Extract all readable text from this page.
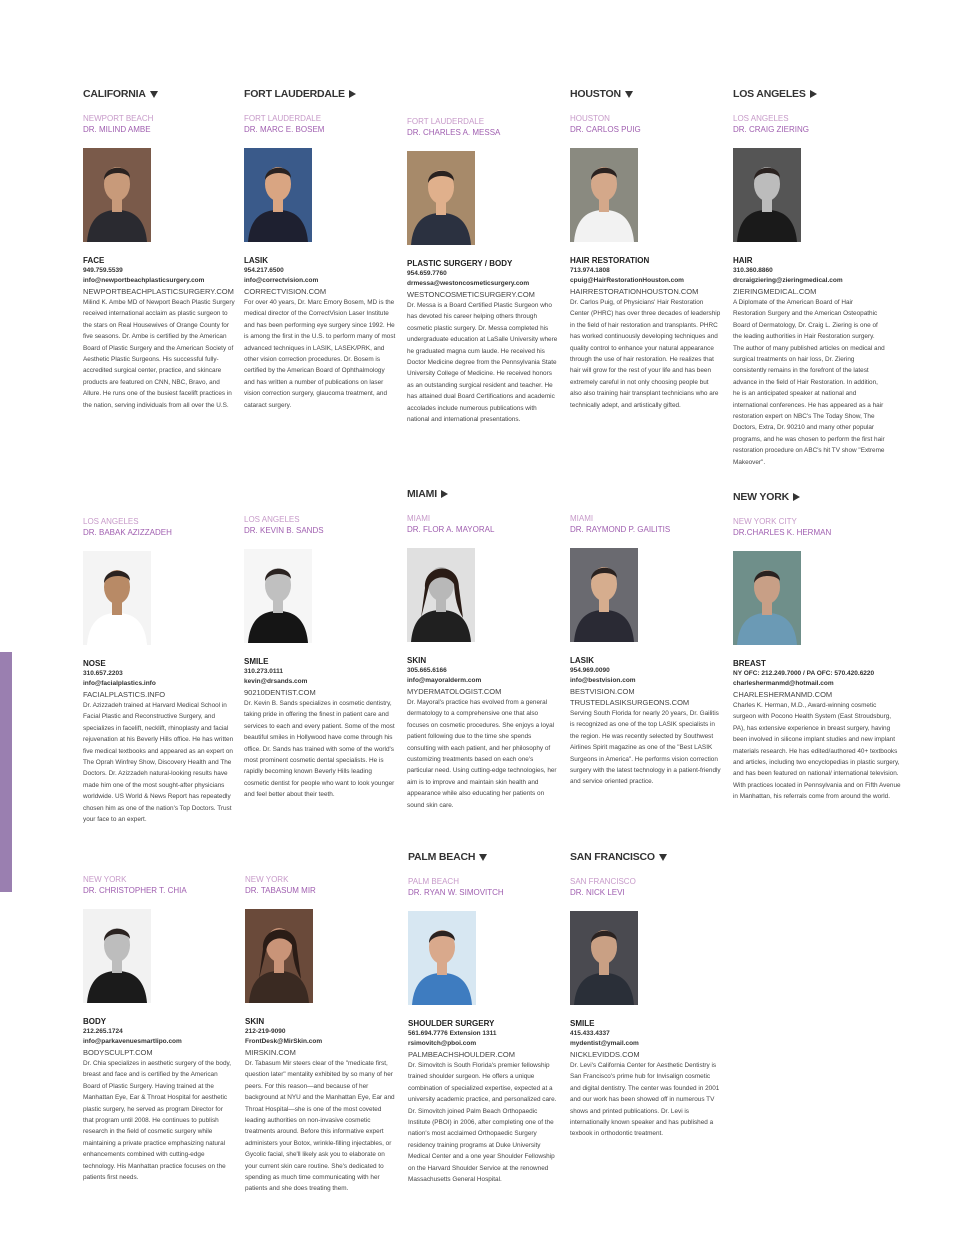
CALIFORNIA
NEWPORT BEACH
DR. MILIND AMBE
FACE
949.759.5539
info@newportbeachplasticsurgery.com
NEWPORTBEACHPLASTICSURGERY.COM
Milind K. Ambe MD of Newport Beach Plastic Surgery received international acclaim as plastic surgeon to the stars on Real Housewives of Orange County for five seasons. Dr. Ambe is certified by the American Board of Plastic Surgery and the American Society of Aesthetic Plastic Surgeons. His successful fully-accredited surgical center, practice, and skincare products are featured on CNN, NBC, Bravo, and Allure. He runs one of the busiest facelift practices in the nation, serving individuals from all over the U.S.
FORT LAUDERDALE
FORT LAUDERDALE
DR. MARC E. BOSEM
LASIK
954.217.6500
info@correctvision.com
CORRECTVISION.COM
For over 40 years, Dr. Marc Emory Bosem, MD is the medical director of the CorrectVision Laser Institute and has been performing eye surgery since 1992. He is among the first in the U.S. to perform many of most advanced techniques in LASIK, LASEK/PRK, and other vision correction procedures. Dr. Bosem is certified by the American Board of Ophthalmology and has written a number of publications on laser vision correction surgery, glaucoma treatment, and cataract surgery.
FORT LAUDERDALE
DR. CHARLES A. MESSA
PLASTIC SURGERY / BODY
954.659.7760
drmessa@westoncosmeticsurgery.com
WESTONCOSMETICSURGERY.COM
Dr. Messa is a Board Certified Plastic Surgeon who has devoted his career helping others through cosmetic plastic surgery. Dr. Messa completed his undergraduate education at LaSalle University where he graduated magna cum laude. He received his Doctor Medicine degree from the Pennsylvania State University College of Medicine. He received honors as an outstanding surgical resident and teacher. He has attained dual Board Certifications and academic accolades include numerous publications with national and international presentations.
HOUSTON
HOUSTON
DR. CARLOS PUIG
HAIR RESTORATION
713.974.1808
cpuig@HairRestorationHouston.com
HAIRRESTORATIONHOUSTON.COM
Dr. Carlos Puig, of Physicians' Hair Restoration Center (PHRC) has over three decades of leadership in the field of hair restoration and transplants. PHRC has worked continuously developing techniques and quality control to enhance your natural appearance through the use of hair restoration. He realizes that hair will grow for the rest of your life and has been extremely careful in not only choosing people but also also training hair transplant technicians who are technically adept, and artistically gifted.
LOS ANGELES
LOS ANGELES
DR. CRAIG ZIERING
HAIR
310.360.8860
drcraigziering@zieringmedical.com
ZIERINGMEDICAL.COM
A Diplomate of the American Board of Hair Restoration Surgery and the American Osteopathic Board of Dermatology, Dr. Craig L. Ziering is one of the leading authorities in Hair Restoration surgery. The author of many published articles on medical and surgical treatments on hair loss, Dr. Ziering consistently remains in the forefront of the latest advance in the field of Hair Restoration. In addition, he is an anticipated speaker at national and international conferences. He has appeared as a hair restoration expert on NBC's The Today Show, The Doctors, Extra, Dr. 90210 and many other popular programs, and he was chosen to perform the first hair restoration procedure on ABC's hit TV show "Extreme Makeover".
LOS ANGELES
DR. BABAK AZIZZADEH
NOSE
310.657.2203
info@facialplastics.info
FACIALPLASTICS.INFO
Dr. Azizzadeh trained at Harvard Medical School in Facial Plastic and Reconstructive Surgery, and specializes in facelift, necklift, rhinoplasty and facial rejuvenation at his Beverly Hills office. He has written five medical textbooks and appeared as an expert on The Oprah Winfrey Show, Discovery Health and The Doctors. Dr. Azizzadeh natural-looking results have made him one of the most sought-after physicians worldwide. US World & News Report has repeatedly chosen him as one of the nation's Top Doctors. Trust your face to an expert.
LOS ANGELES
DR. KEVIN B. SANDS
SMILE
310.273.0111
kevin@drsands.com
90210DENTIST.COM
Dr. Kevin B. Sands specializes in cosmetic dentistry, taking pride in offering the finest in patient care and services to each and every patient. Some of the most beautiful smiles in Hollywood have come through his office. Dr. Sands has trained with some of the world's most prominent cosmetic dental specialists. He is rapidly becoming known Beverly Hills leading cosmetic dentist for people who want to look younger and feel better about their teeth.
MIAMI
MIAMI
DR. FLOR A. MAYORAL
SKIN
305.665.6166
info@mayoralderm.com
MYDERMATOLOGIST.COM
Dr. Mayoral's practice has evolved from a general dermatology to a comprehensive one that also focuses on cosmetic procedures. She enjoys a loyal patient following due to the time she spends consulting with each patient, and her philosophy of customizing treatments based on each one's particular need. Using cutting-edge technologies, her aim is to improve and maintain skin health and appearance while also educating her patients on sound skin care.
MIAMI
DR. RAYMOND P. GAILITIS
LASIK
954.969.0090
info@bestvision.com
BESTVISION.COM
TRUSTEDLASIKSURGEONS.COM
Serving South Florida for nearly 20 years, Dr. Gailitis is recognized as one of the top LASIK specialists in the region. He was recently selected by Southwest Airlines Spirit magazine as one of the "Best LASIK Surgeons in America". He performs vision correction surgery with the latest technology in a patient-friendly and service oriented practice.
NEW YORK
NEW YORK CITY
DR.CHARLES K. HERMAN
BREAST
NY OFC: 212.249.7000 / PA OFC: 570.420.6220
charleshermanmd@hotmail.com
CHARLESHERMANMD.COM
Charles K. Herman, M.D., Award-winning cosmetic surgeon with Pocono Health System (East Stroudsburg, PA), has extensive experience in breast surgery, having been involved in silicone implant studies and new implant materials research. He has edited/authored 40+ textbooks and articles, including two encyclopedias in plastic surgery, and has been featured on national/ international television. With practices located in Pennsylvania and on Fifth Avenue in Manhattan, his referrals come from around the world.
NEW YORK
DR. CHRISTOPHER T. CHIA
BODY
212.265.1724
info@parkavenuesmartlipo.com
BODYSCULPT.COM
Dr. Chia specializes in aesthetic surgery of the body, breast and face and is certified by the American Board of Plastic Surgery. Having trained at the Manhattan Eye, Ear & Throat Hospital for aesthetic plastic surgery, he served as program Director for that program until 2008. He continues to publish research in the field of cosmetic surgery while maintaining a private practice emphasizing natural enhancements combined with cutting-edge technology. His Manhattan practice focuses on the patients first needs.
NEW YORK
DR. TABASUM MIR
SKIN
212-219-9090
FrontDesk@MirSkin.com
MIRSKIN.COM
Dr. Tabasum Mir steers clear of the "medicate first, question later" mentality exhibited by so many of her peers. For this reason—and because of her background at NYU and the Manhattan Eye, Ear and Throat Hospital—she is one of the most coveted leading authorities on non-invasive cosmetic treatments around. Before this informative expert administers your Botox, wrinkle-filling injectables, or Gycolic facial, she'll likely ask you to elaborate on your current skin care routine. She's dedicated to spending as much time communicating with her patients and she does treating them.
PALM BEACH
PALM BEACH
DR. RYAN W. SIMOVITCH
SHOULDER SURGERY
561.694.7776 Extension 1311
rsimovitch@pboi.com
PALMBEACHSHOULDER.COM
Dr. Simovitch is South Florida's premier fellowship trained shoulder surgeon. He offers a unique combination of specialized expertise, expected at a university academic practice, and personalized care. Dr. Simovitch joined Palm Beach Orthopaedic Institute (PBOI) in 2006, after completing one of the nation's most acclaimed Orthopaedic Surgery residency training programs at Duke University Medical Center and a one year Shoulder Fellowship on the Harvard Shoulder Service at the renowned Massachusetts General Hospital.
SAN FRANCISCO
SAN FRANCISCO
DR. NICK LEVI
SMILE
415.433.4337
mydentist@ymail.com
NICKLEVIDDS.COM
Dr. Levi's California Center for Aesthetic Dentistry is San Francisco's prime hub for Invisalign cosmetic and digital dentistry. The center was founded in 2001 and our work has been showed off in numerous TV shows and printed publications. Dr. Levi is internationally known speaker and has published a texbook in orthodontic treatment.
